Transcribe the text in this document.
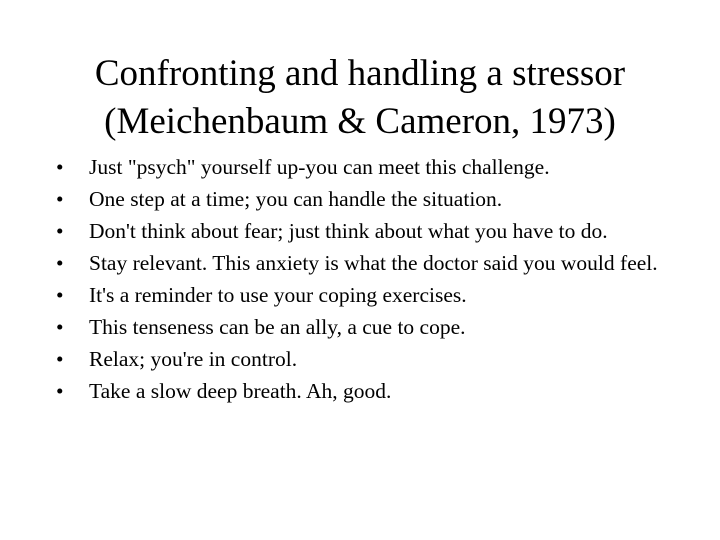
Confronting and handling a stressor
(Meichenbaum & Cameron, 1973)
• Just "psych" yourself up-you can meet this challenge.
• One step at a time; you can handle the situation.
• Don't think about fear; just think about what you have to do.
• Stay relevant. This anxiety is what the doctor said you would feel.
• It's a reminder to use your coping exercises.
• This tenseness can be an ally, a cue to cope.
• Relax; you're in control.
• Take a slow deep breath. Ah, good.
